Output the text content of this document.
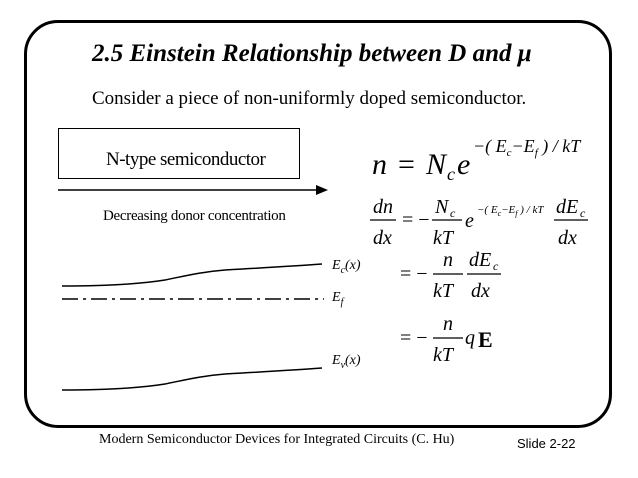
2.5 Einstein Relationship between D and μ
Consider a piece of non-uniformly doped semiconductor.
N-type semiconductor
Decreasing donor concentration
$E_c(x)$
$E_f$
$E_v(x)$
n = N c e
−( $E_c-E_f$ ) / kT
dn
dx
= −
N c
kT
e −( $E_c-E_f$ ) / kT dE c
dx
= −
n
kT
dE c
dx
= −
n
kT
q E
Modern Semiconductor Devices for Integrated Circuits (C. Hu)	Slide 2-22
